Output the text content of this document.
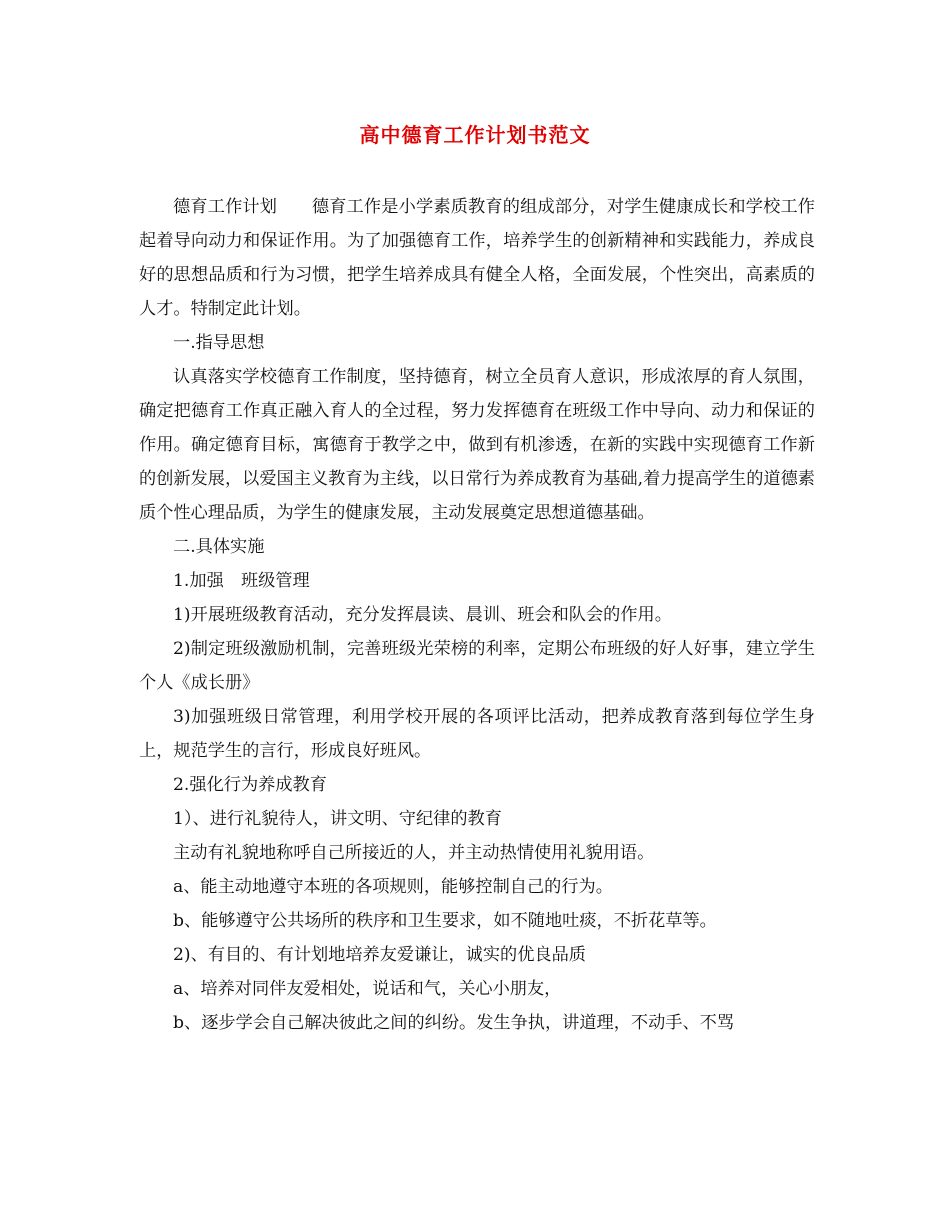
高中德育工作计划书范文

德育工作计划　　德育工作是小学素质教育的组成部分，对学生健康成长和学校工作起着导向动力和保证作用。为了加强德育工作，培养学生的创新精神和实践能力，养成良好的思想品质和行为习惯，把学生培养成具有健全人格，全面发展，个性突出，高素质的人才。特制定此计划。

一.指导思想

认真落实学校德育工作制度，坚持德育，树立全员育人意识，形成浓厚的育人氛围，确定把德育工作真正融入育人的全过程，努力发挥德育在班级工作中导向、动力和保证的作用。确定德育目标，寓德育于教学之中，做到有机渗透，在新的实践中实现德育工作新的创新发展，以爱国主义教育为主线，以日常行为养成教育为基础,着力提高学生的道德素质个性心理品质，为学生的健康发展，主动发展奠定思想道德基础。

二.具体实施

1.加强　班级管理

1)开展班级教育活动，充分发挥晨读、晨训、班会和队会的作用。

2)制定班级激励机制，完善班级光荣榜的利率，定期公布班级的好人好事，建立学生个人《成长册》

3)加强班级日常管理，利用学校开展的各项评比活动，把养成教育落到每位学生身上，规范学生的言行，形成良好班风。

2.强化行为养成教育

1）、进行礼貌待人，讲文明、守纪律的教育

主动有礼貌地称呼自己所接近的人，并主动热情使用礼貌用语。

a、能主动地遵守本班的各项规则，能够控制自己的行为。

b、能够遵守公共场所的秩序和卫生要求，如不随地吐痰，不折花草等。

2)、有目的、有计划地培养友爱谦让，诚实的优良品质

a、培养对同伴友爱相处，说话和气，关心小朋友，

b、逐步学会自己解决彼此之间的纠纷。发生争执，讲道理，不动手、不骂
